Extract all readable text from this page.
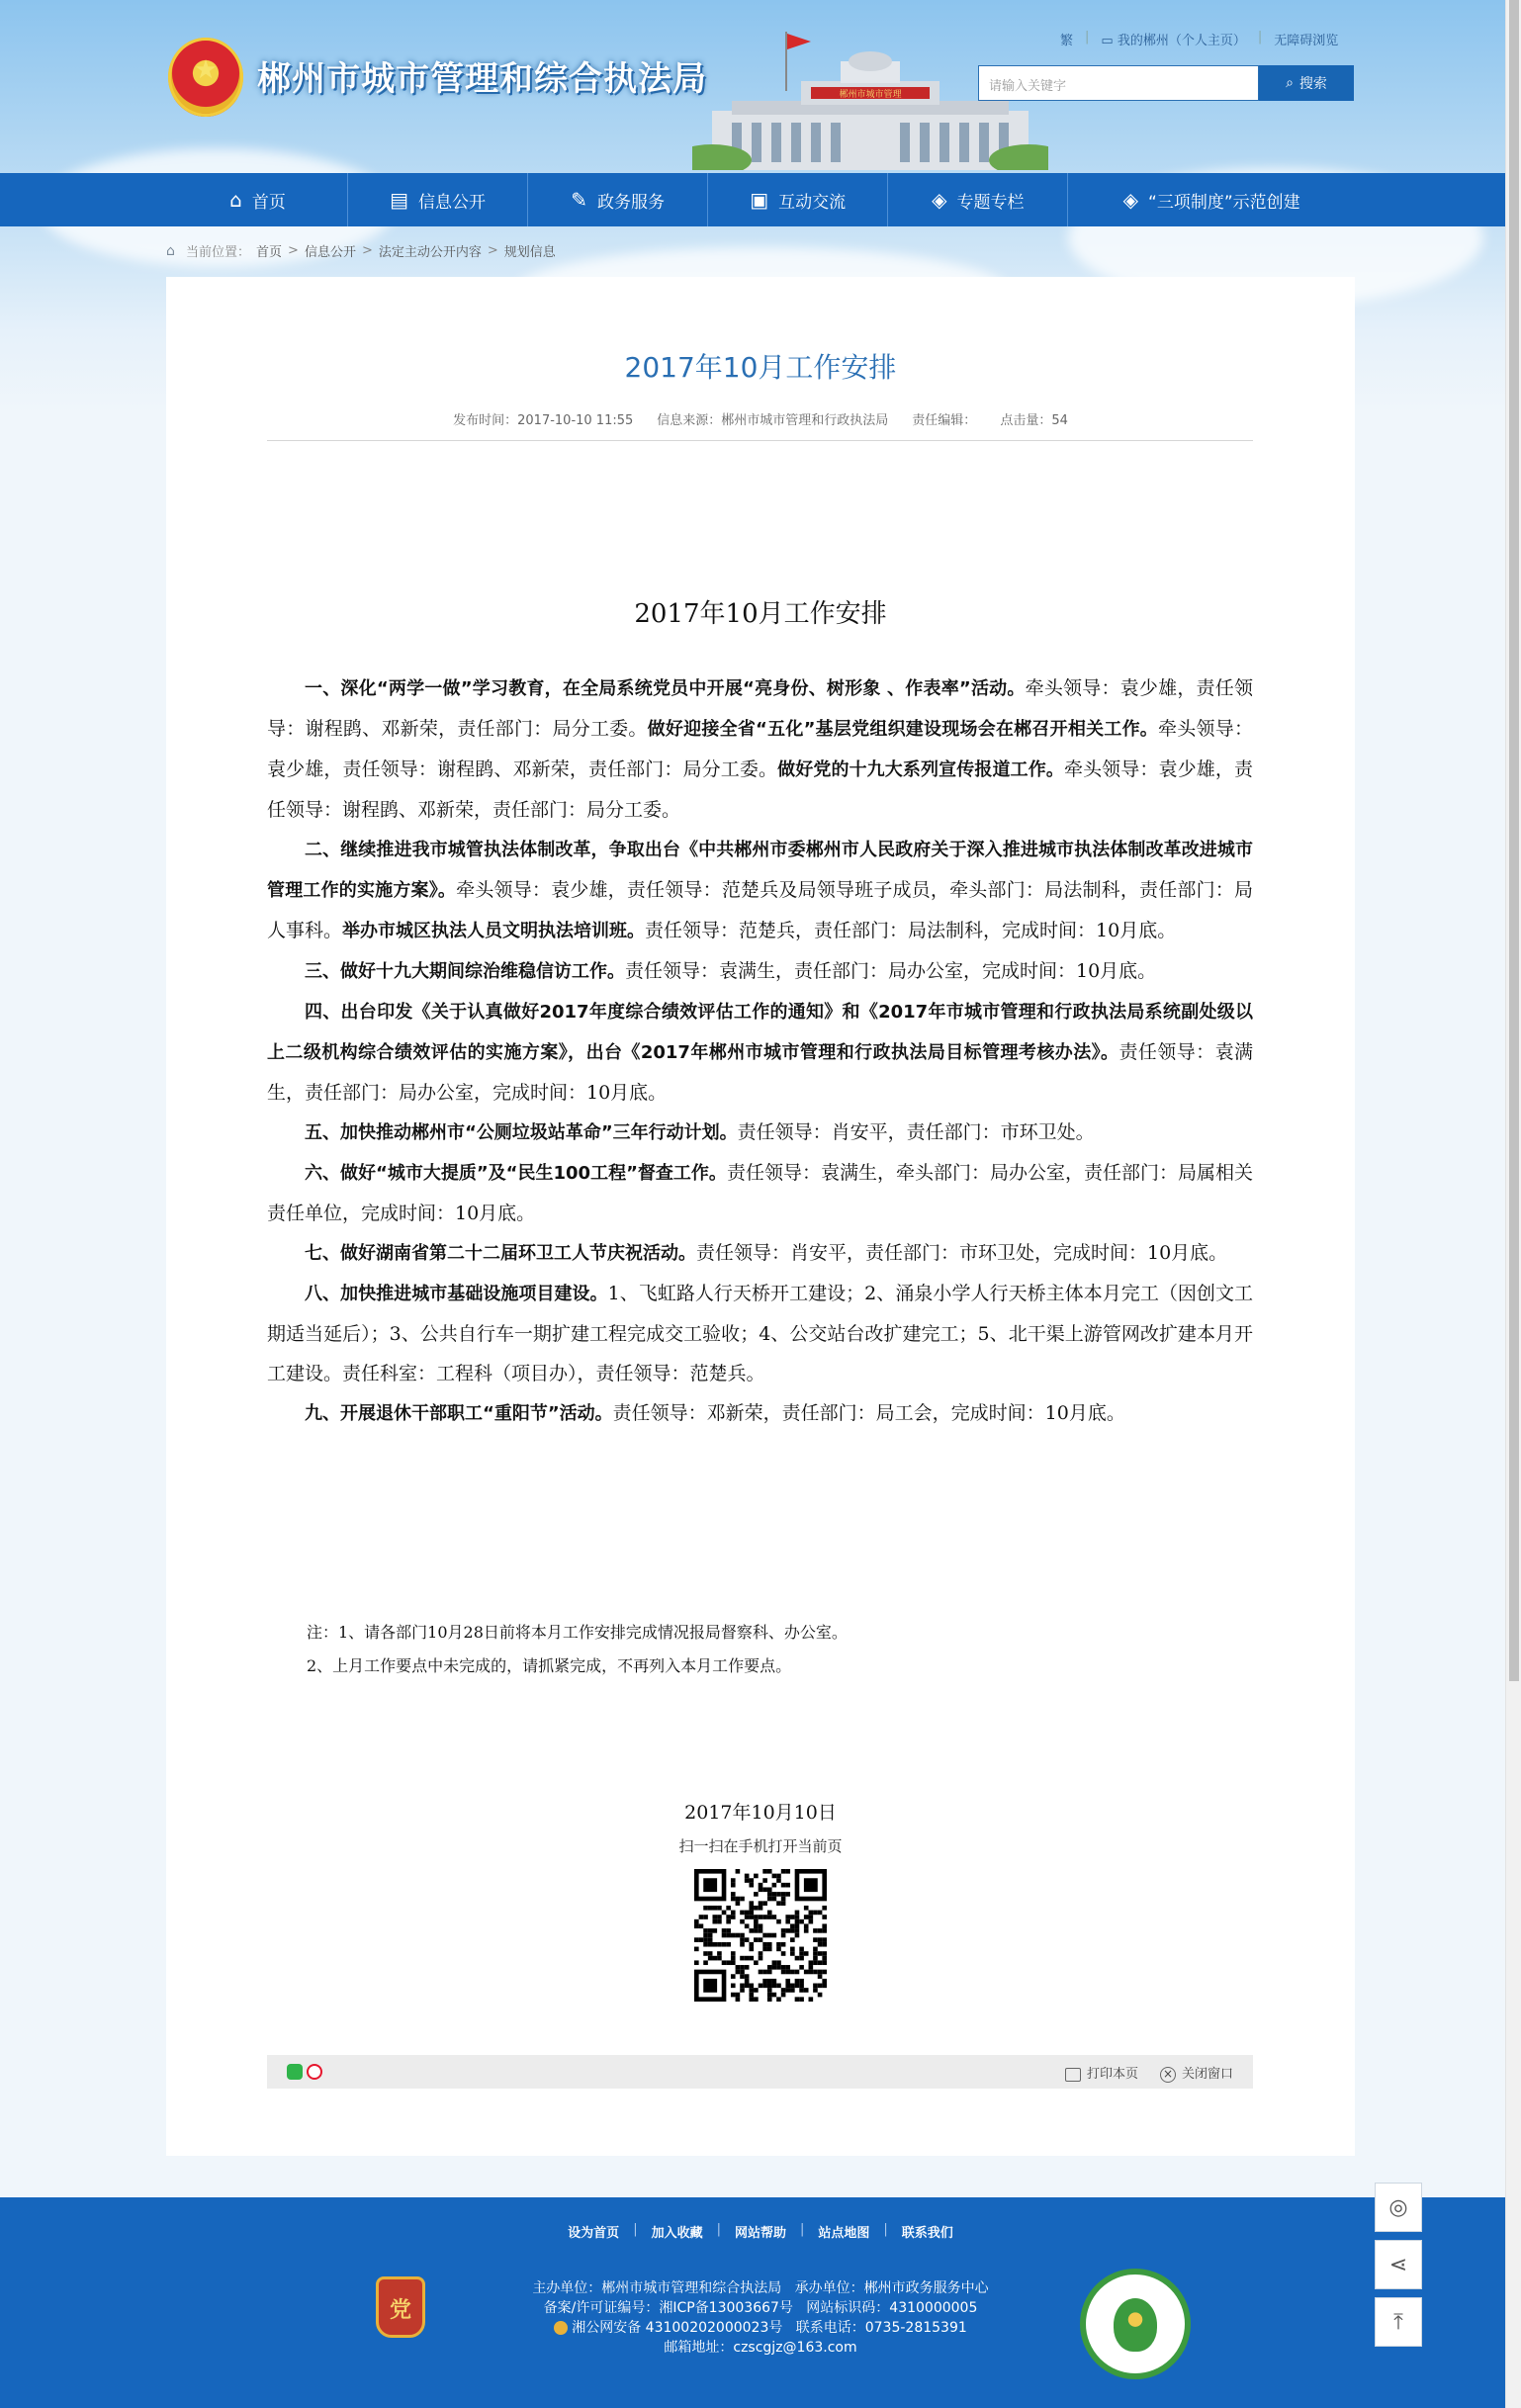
★	郴州市城市管理和综合执法局	郴州市城市管理
繁 | ▭ 我的郴州（个人主页） | 无障碍浏览
请输入关键字	⌕ 搜索
⌂ 首页	▤ 信息公开	✎ 政务服务	▣ 互动交流	◈ 专题专栏	◈ “三项制度”示范创建
⌂ 当前位置： 首页 > 信息公开 > 法定主动公开内容 > 规划信息
2017年10月工作安排
发布时间：2017-10-10 11:55 信息来源：郴州市城市管理和行政执法局 责任编辑： 点击量：54
2017年10月工作安排

一、深化“两学一做”学习教育，在全局系统党员中开展“亮身份、树形象 、作表率”活动。牵头领导：袁少雄，责任领导：谢程鹍、邓新荣，责任部门：局分工委。做好迎接全省“五化”基层党组织建设现场会在郴召开相关工作。牵头领导：袁少雄，责任领导：谢程鹍、邓新荣，责任部门：局分工委。做好党的十九大系列宣传报道工作。牵头领导：袁少雄，责任领导：谢程鹍、邓新荣，责任部门：局分工委。

二、继续推进我市城管执法体制改革，争取出台《中共郴州市委郴州市人民政府关于深入推进城市执法体制改革改进城市管理工作的实施方案》。牵头领导：袁少雄，责任领导：范楚兵及局领导班子成员，牵头部门：局法制科，责任部门：局人事科。举办市城区执法人员文明执法培训班。责任领导：范楚兵，责任部门：局法制科，完成时间：10月底。

三、做好十九大期间综治维稳信访工作。责任领导：袁满生，责任部门：局办公室，完成时间：10月底。

四、出台印发《关于认真做好2017年度综合绩效评估工作的通知》和《2017年市城市管理和行政执法局系统副处级以上二级机构综合绩效评估的实施方案》，出台《2017年郴州市城市管理和行政执法局目标管理考核办法》。责任领导：袁满生，责任部门：局办公室，完成时间：10月底。

五、加快推动郴州市“公厕垃圾站革命”三年行动计划。责任领导：肖安平，责任部门：市环卫处。

六、做好“城市大提质”及“民生100工程”督查工作。责任领导：袁满生，牵头部门：局办公室，责任部门：局属相关责任单位，完成时间：10月底。

七、做好湖南省第二十二届环卫工人节庆祝活动。责任领导：肖安平，责任部门：市环卫处，完成时间：10月底。

八、加快推进城市基础设施项目建设。1、飞虹路人行天桥开工建设；2、涌泉小学人行天桥主体本月完工（因创文工期适当延后）；3、公共自行车一期扩建工程完成交工验收；4、公交站台改扩建完工；5、北干渠上游管网改扩建本月开工建设。责任科室：工程科（项目办），责任领导：范楚兵。

九、开展退休干部职工“重阳节”活动。责任领导：邓新荣，责任部门：局工会，完成时间：10月底。

注：1、请各部门10月28日前将本月工作安排完成情况报局督察科、办公室。
2、上月工作要点中未完成的，请抓紧完成，不再列入本月工作要点。
2017年10月10日
扫一扫在手机打开当前页
打印本页 × 关闭窗口
设为首页 | 加入收藏 | 网站帮助 | 站点地图 | 联系我们
党
主办单位：郴州市城市管理和综合执法局 承办单位：郴州市政务服务中心
备案/许可证编号：湘ICP备13003667号 网站标识码：4310000005
湘公网安备 43100202000023号 联系电话：0735-2815391
邮箱地址：czscgjz@163.com
◎
⋖
⤒
